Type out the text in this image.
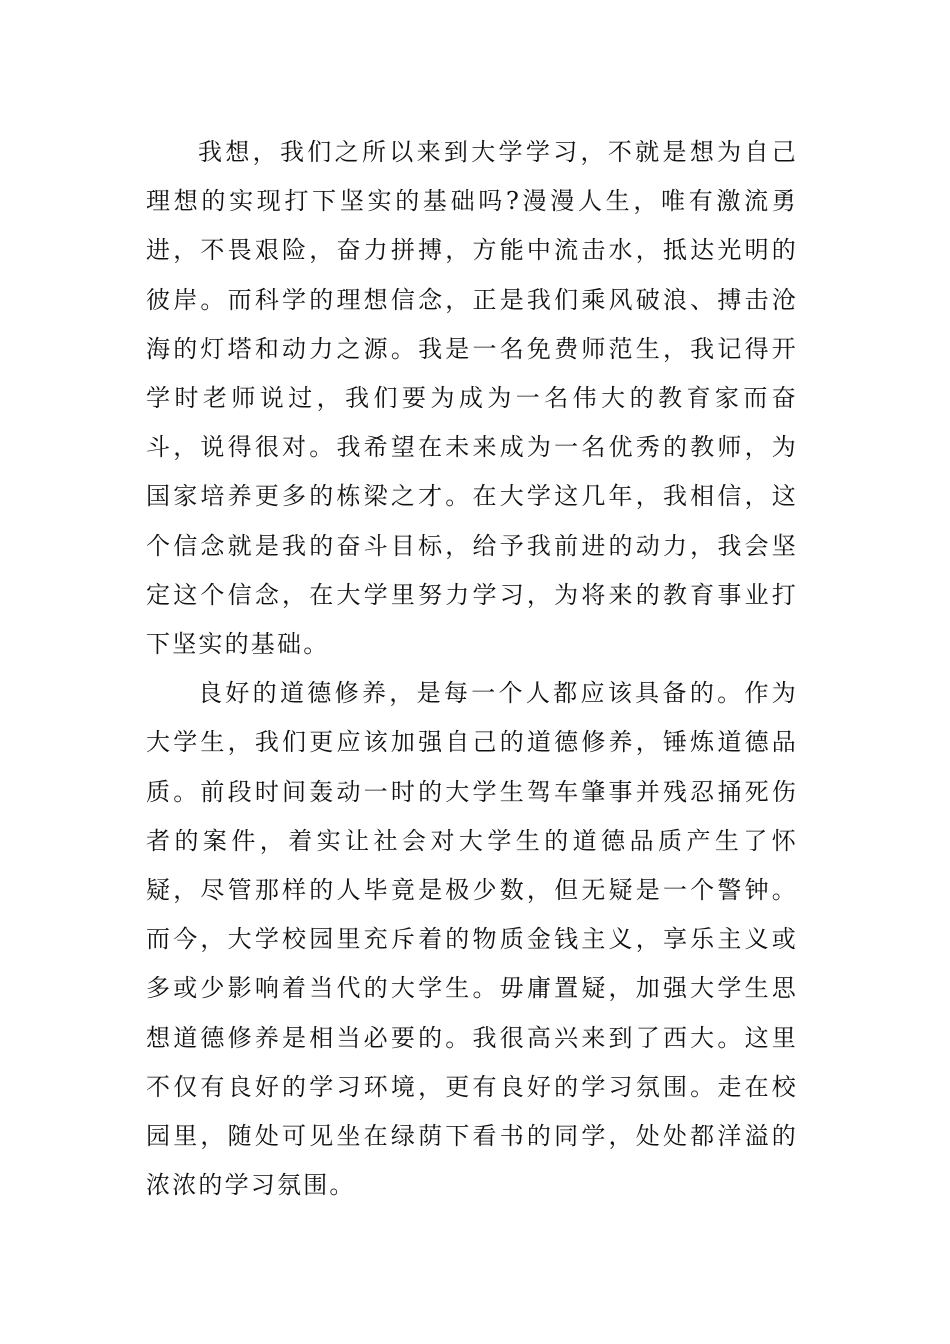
我想，我们之所以来到大学学习，不就是想为自己理想的实现打下坚实的基础吗?漫漫人生，唯有激流勇进，不畏艰险，奋力拼搏，方能中流击水，抵达光明的彼岸。而科学的理想信念，正是我们乘风破浪、搏击沧海的灯塔和动力之源。我是一名免费师范生，我记得开学时老师说过，我们要为成为一名伟大的教育家而奋斗，说得很对。我希望在未来成为一名优秀的教师，为国家培养更多的栋梁之才。在大学这几年，我相信，这个信念就是我的奋斗目标，给予我前进的动力，我会坚定这个信念，在大学里努力学习，为将来的教育事业打下坚实的基础。

良好的道德修养，是每一个人都应该具备的。作为大学生，我们更应该加强自己的道德修养，锤炼道德品质。前段时间轰动一时的大学生驾车肇事并残忍捅死伤者的案件，着实让社会对大学生的道德品质产生了怀疑，尽管那样的人毕竟是极少数，但无疑是一个警钟。而今，大学校园里充斥着的物质金钱主义，享乐主义或多或少影响着当代的大学生。毋庸置疑，加强大学生思想道德修养是相当必要的。我很高兴来到了西大。这里不仅有良好的学习环境，更有良好的学习氛围。走在校园里，随处可见坐在绿荫下看书的同学，处处都洋溢的浓浓的学习氛围。
